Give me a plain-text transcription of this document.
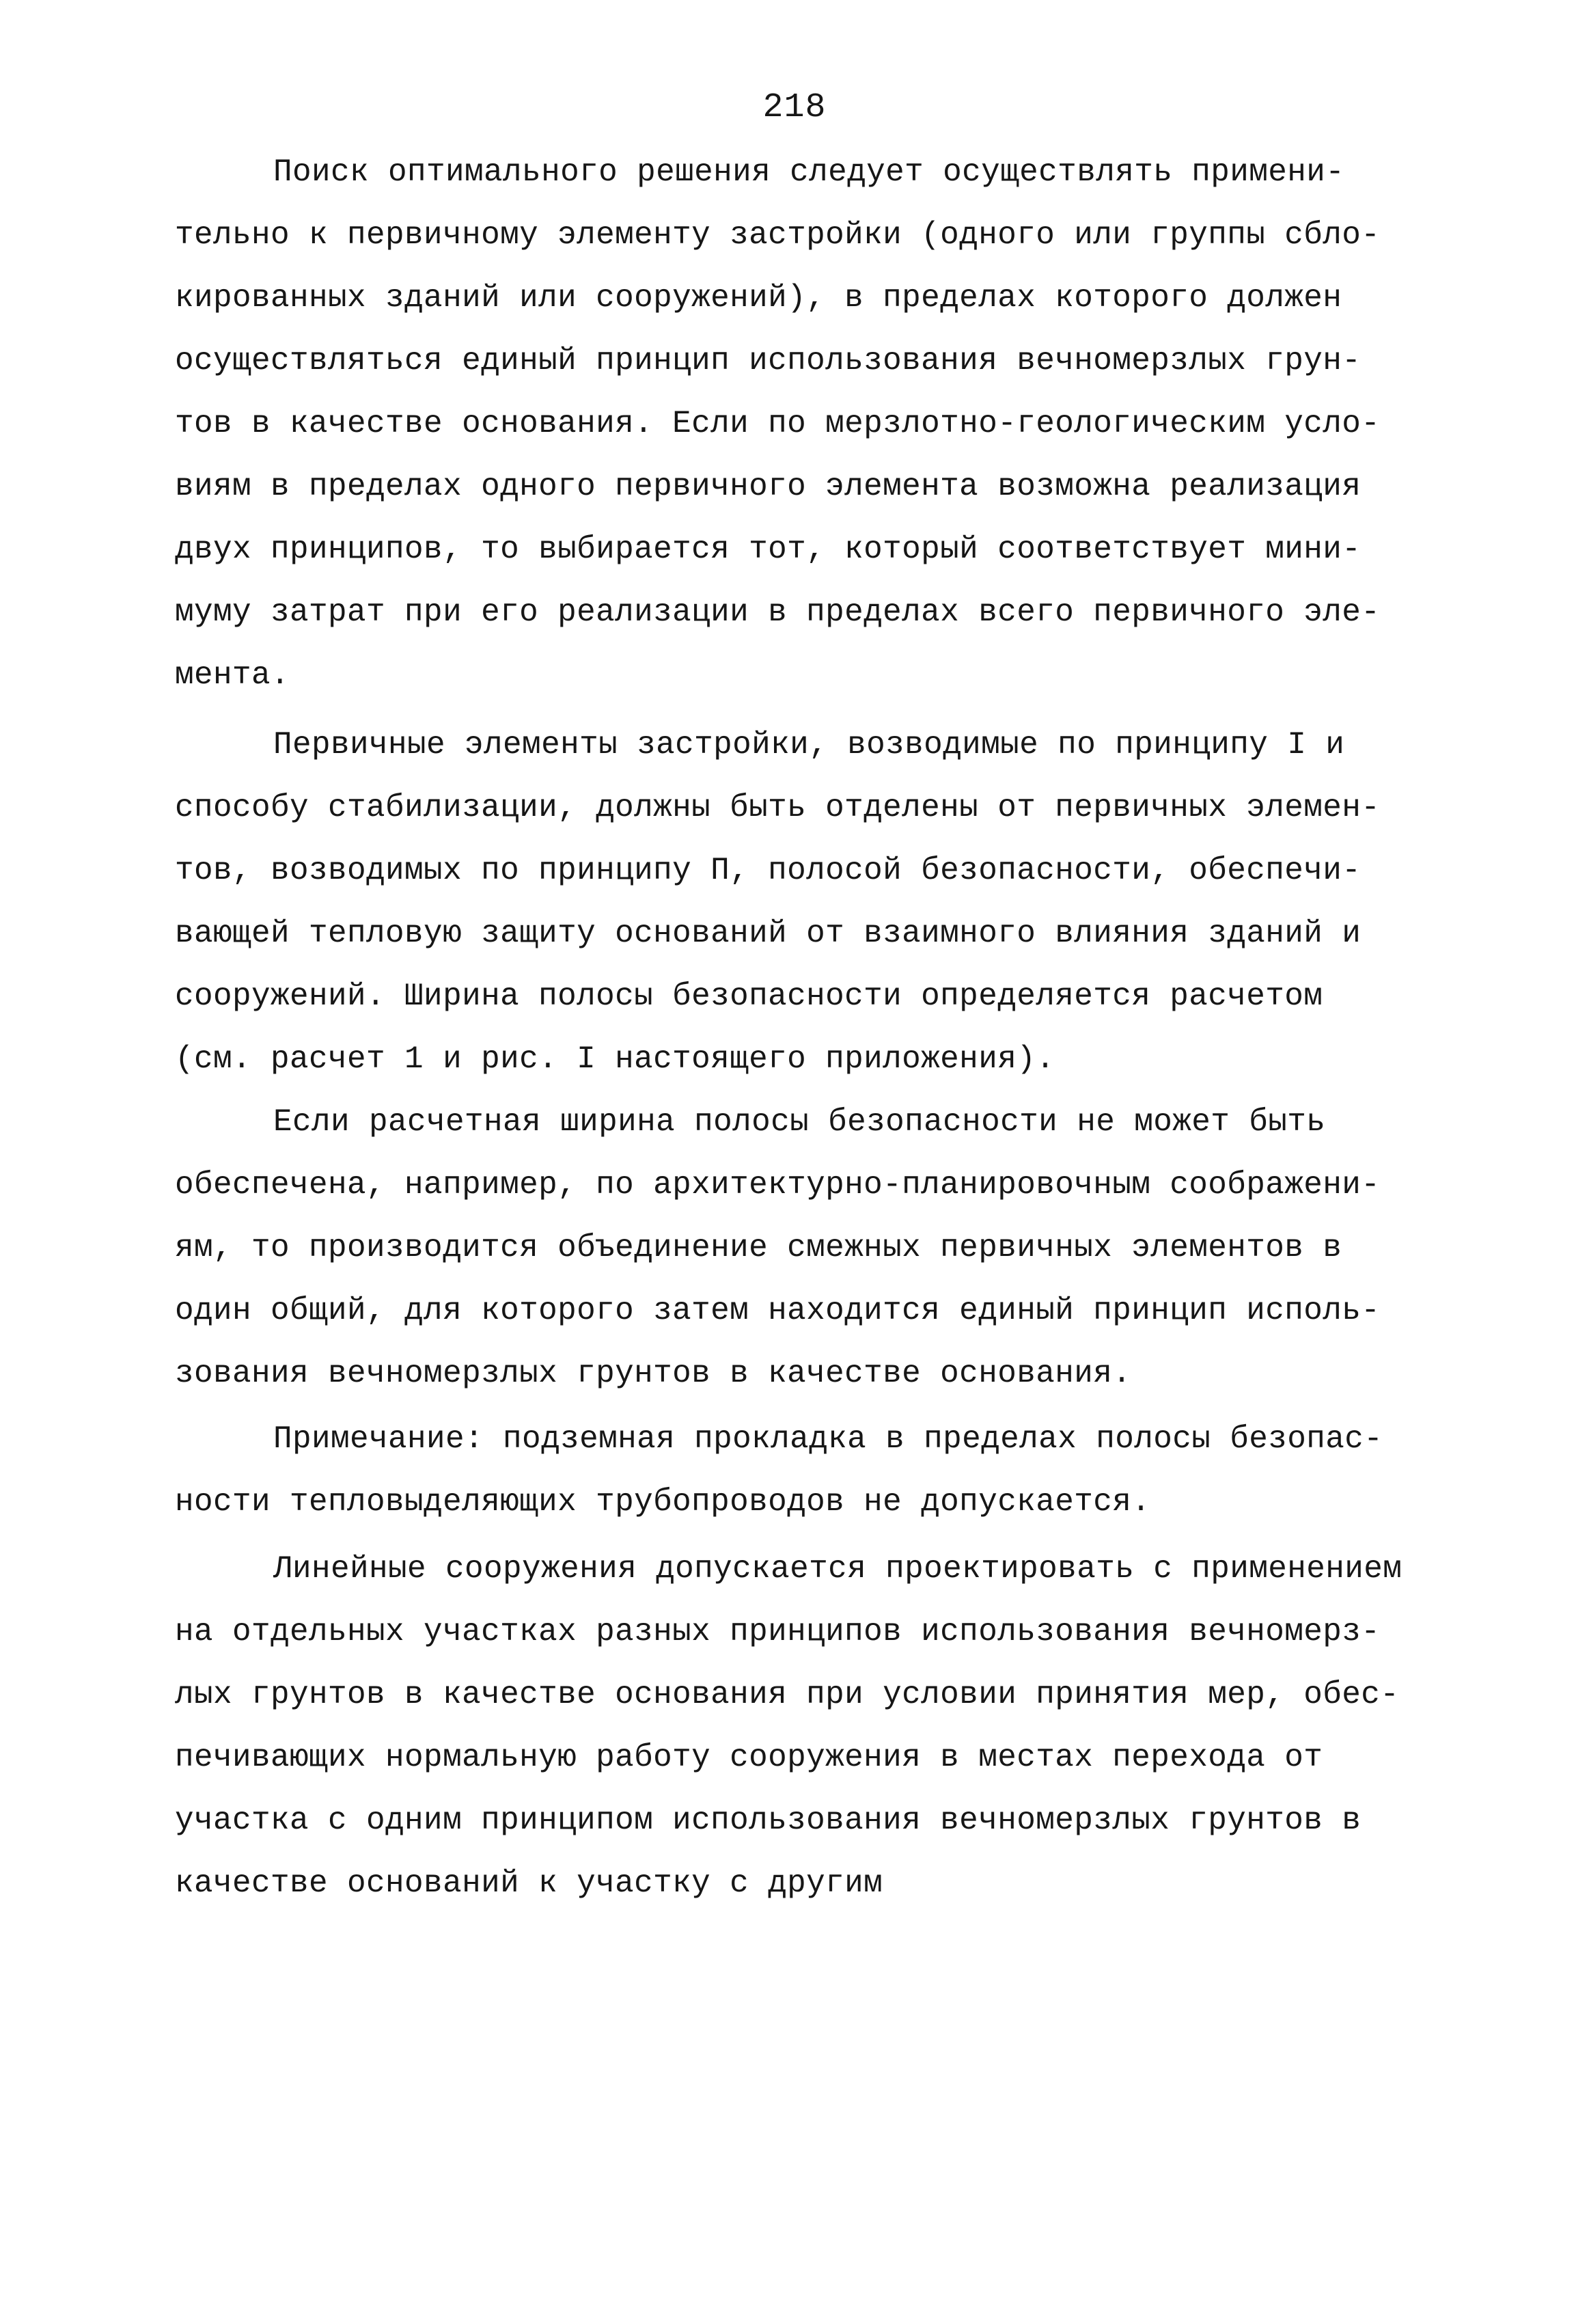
218
Поиск оптимального решения следует осуществлять примени-
тельно к первичному элементу застройки (одного или группы сбло-
кированных зданий или сооружений), в пределах которого должен
осуществляться единый принцип использования вечномерзлых грун-
тов в качестве основания. Если по мерзлотно-геологическим усло-
виям в пределах одного первичного элемента возможна реализация
двух принципов, то выбирается тот, который соответствует мини-
муму затрат при его реализации в пределах всего первичного эле-
мента.
Первичные элементы застройки, возводимые по принципу I и
способу стабилизации, должны быть отделены от первичных элемен-
тов, возводимых по принципу П, полосой безопасности, обеспечи-
вающей тепловую защиту оснований от взаимного влияния зданий и
сооружений. Ширина полосы безопасности определяется расчетом
(см. расчет 1 и рис. I настоящего приложения).
Если расчетная ширина полосы безопасности не может быть
обеспечена, например, по архитектурно-планировочным соображени-
ям, то производится объединение смежных первичных элементов в
один общий, для которого затем находится единый принцип исполь-
зования вечномерзлых грунтов в качестве основания.
Примечание: подземная прокладка в пределах полосы безопас-
ности тепловыделяющих трубопроводов не допускается.
Линейные сооружения допускается проектировать с применением
на отдельных участках разных принципов использования вечномерз-
лых грунтов в качестве основания при условии принятия мер, обес-
печивающих нормальную работу сооружения в местах перехода от
участка с одним принципом использования вечномерзлых грунтов в
качестве оснований к участку с другим
